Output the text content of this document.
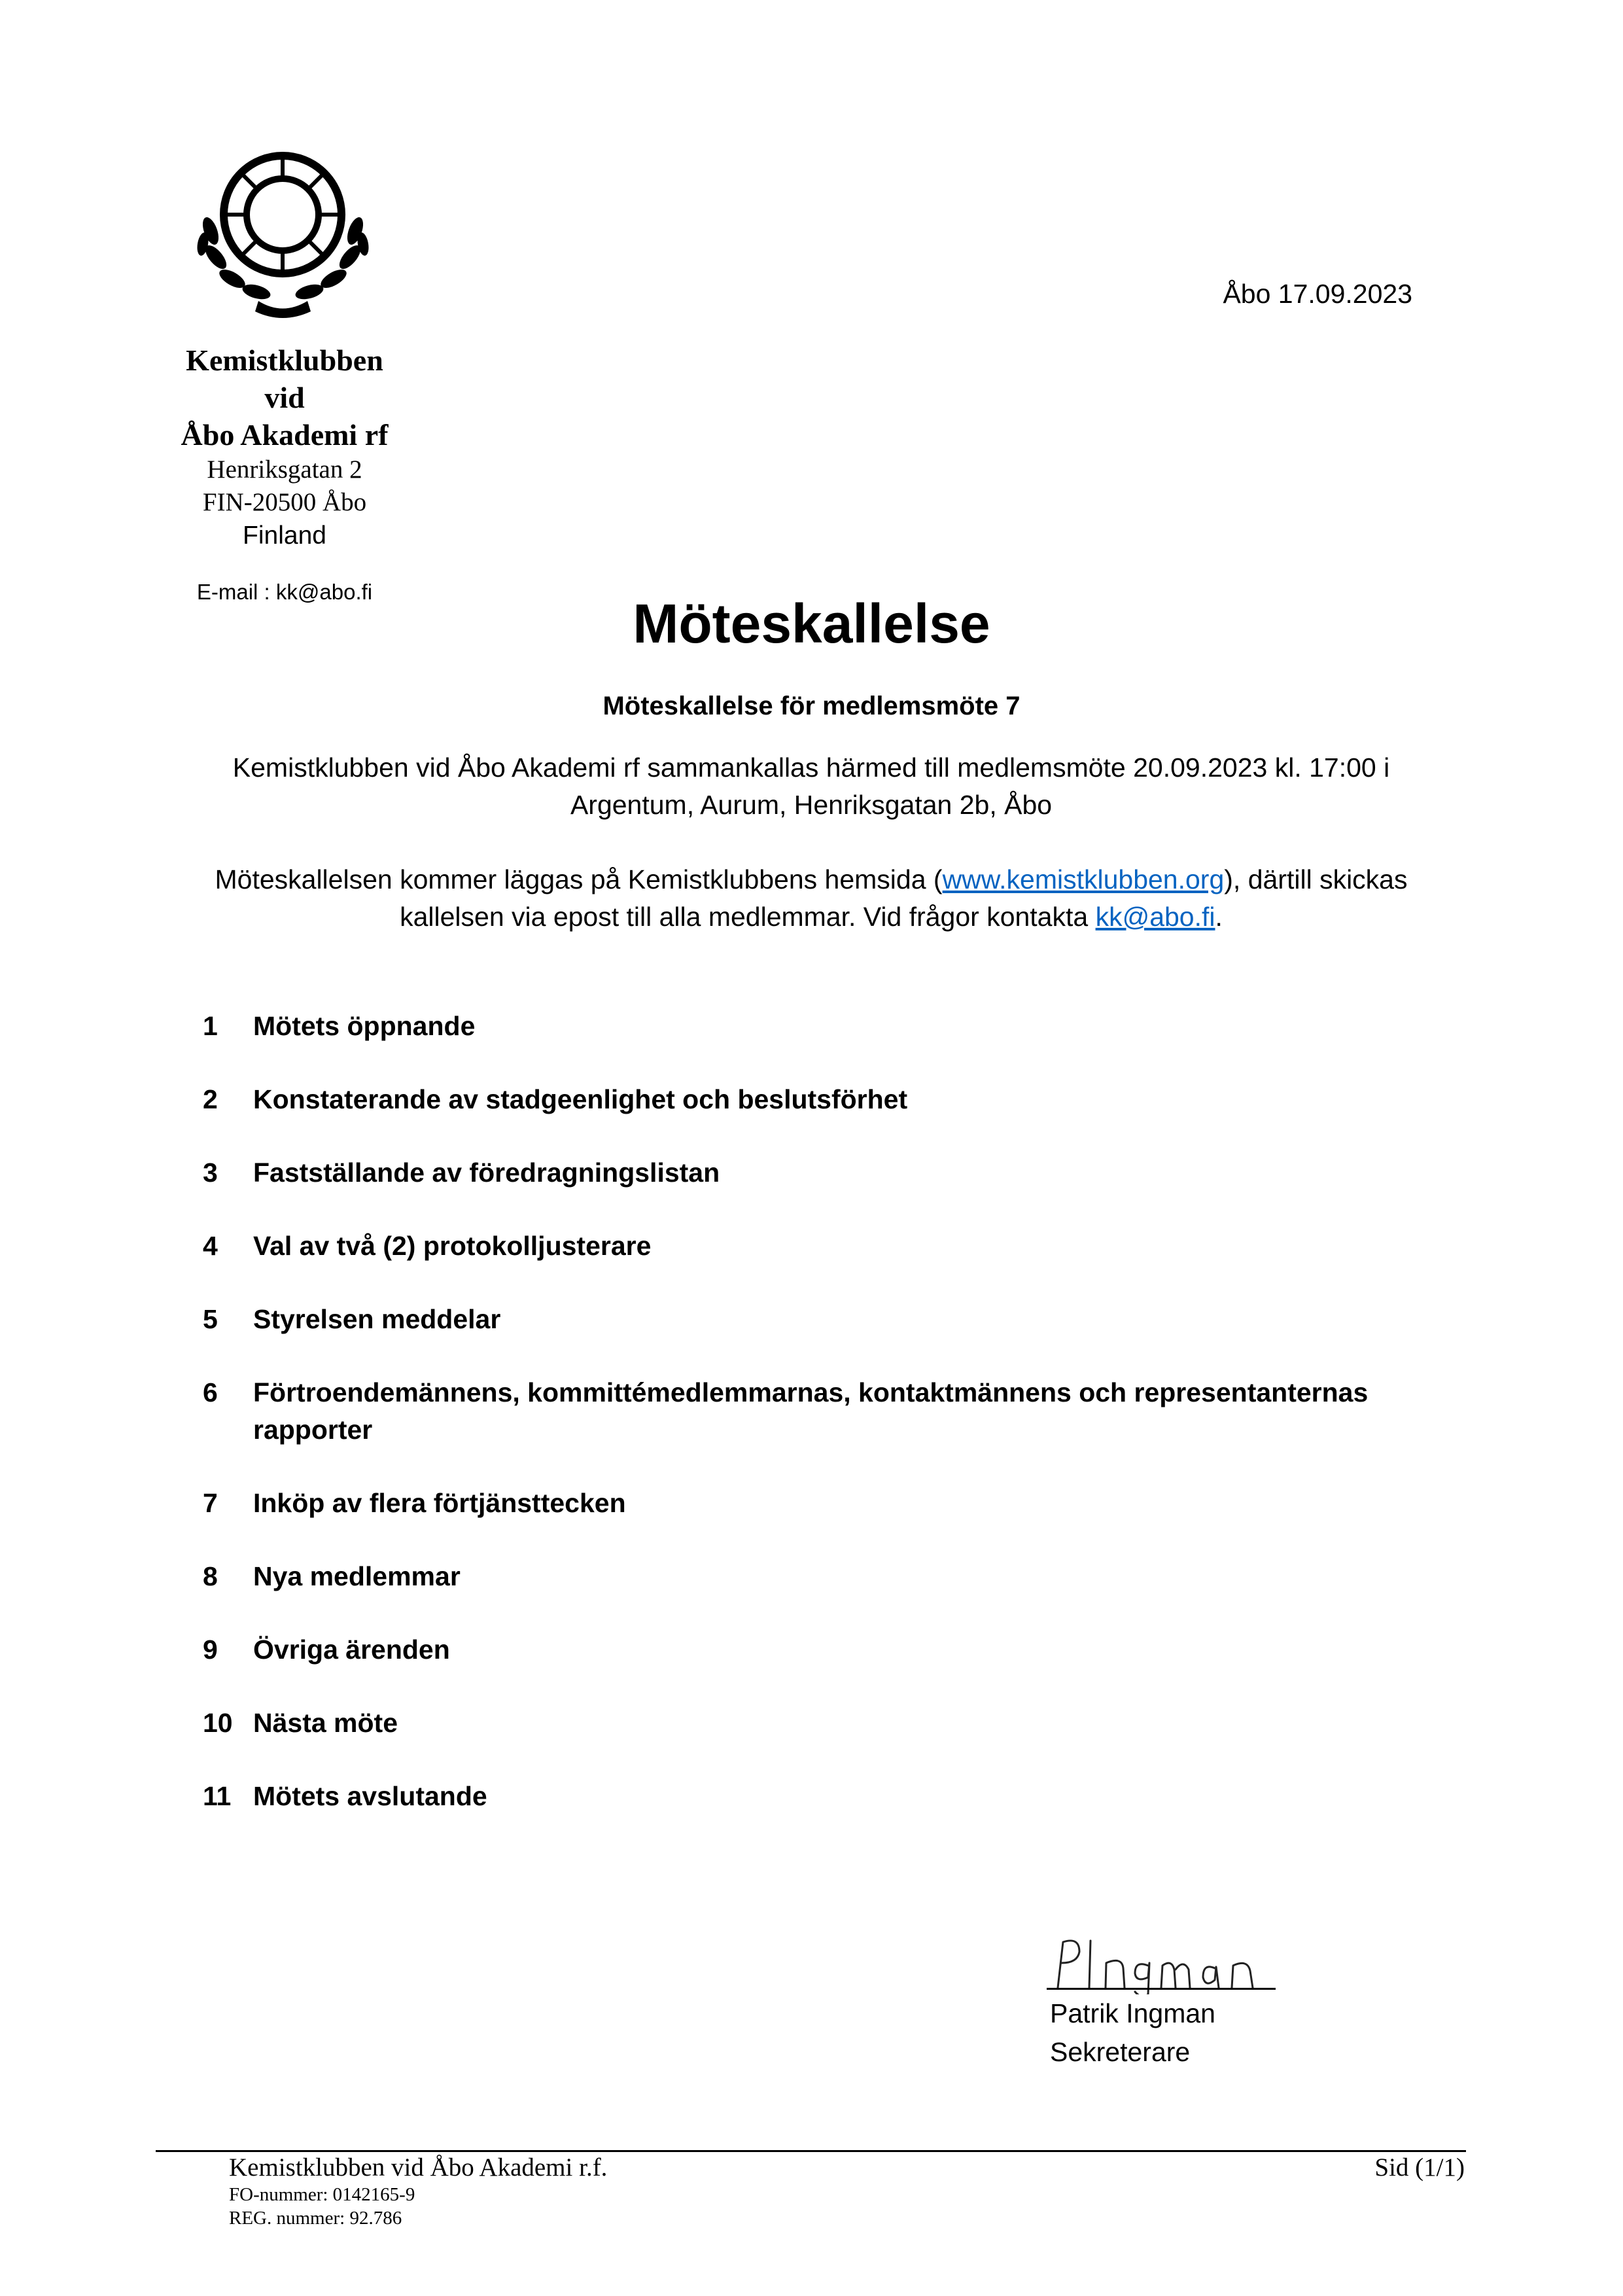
Kemistklubben
vid
Åbo Akademi rf
Henriksgatan 2
FIN-20500 Åbo
Finland
E-mail : kk@abo.fi
Åbo 17.09.2023
Möteskallelse
Möteskallelse för medlemsmöte 7
Kemistklubben vid Åbo Akademi rf sammankallas härmed till medlemsmöte 20.09.2023 kl. 17:00 i
Argentum, Aurum, Henriksgatan 2b, Åbo
Möteskallelsen kommer läggas på Kemistklubbens hemsida (www.kemistklubben.org), därtill skickas
kallelsen via epost till alla medlemmar. Vid frågor kontakta kk@abo.fi.
1	Mötets öppnande
2	Konstaterande av stadgeenlighet och beslutsförhet
3	Fastställande av föredragningslistan
4	Val av två (2) protokolljusterare
5	Styrelsen meddelar
6	Förtroendemännens, kommittémedlemmarnas, kontaktmännens och representanternas rapporter
7	Inköp av flera förtjänsttecken
8	Nya medlemmar
9	Övriga ärenden
10 Nästa möte
11 Mötets avslutande
Patrik Ingman
Sekreterare
Kemistklubben vid Åbo Akademi r.f.
FO-nummer: 0142165-9
REG. nummer: 92.786
Sid (1/1)
